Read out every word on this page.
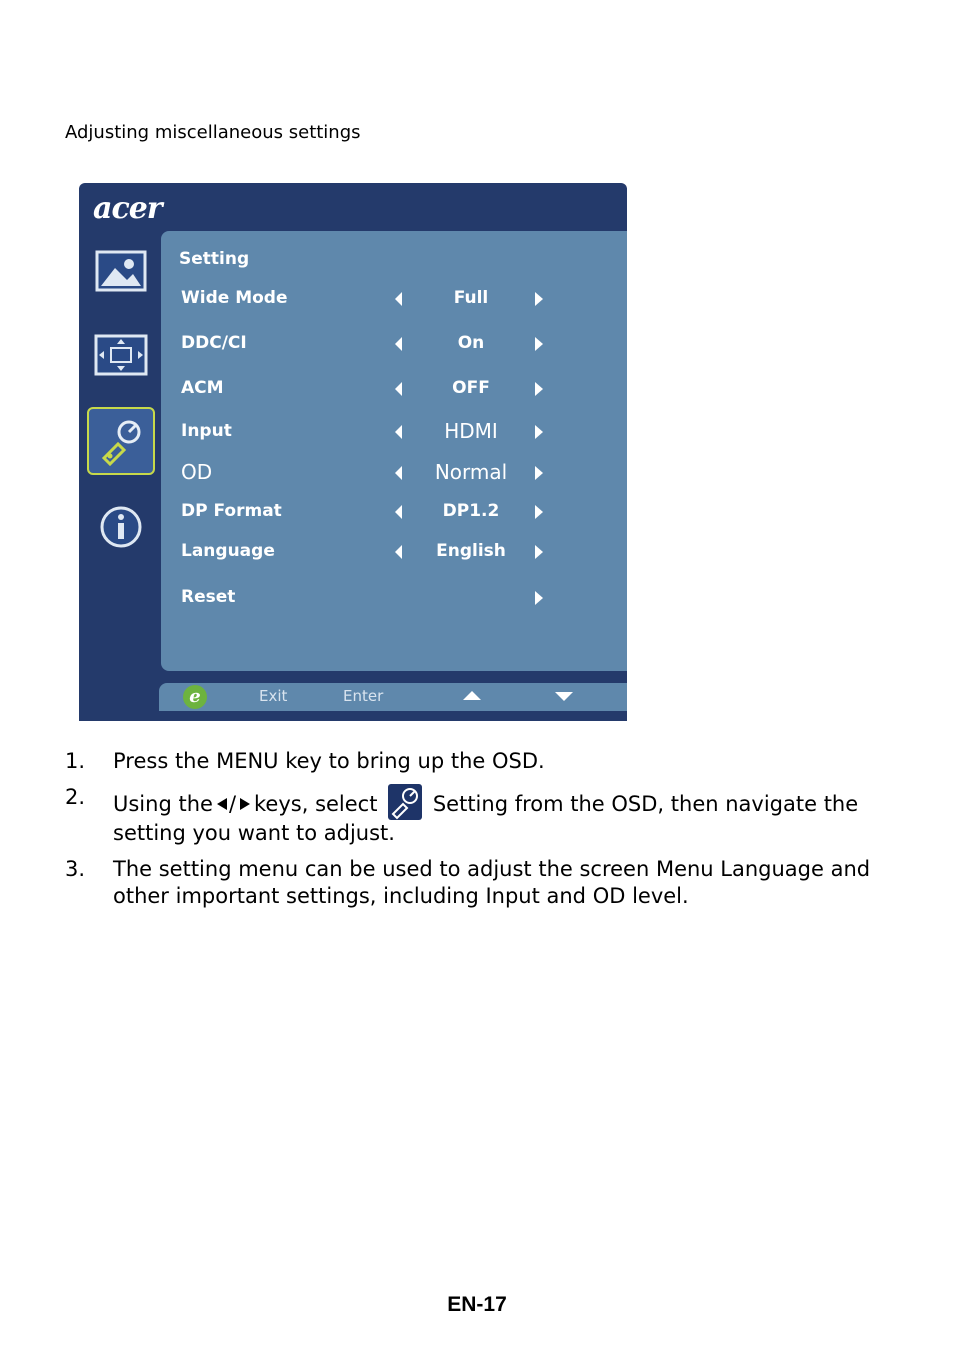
Adjusting miscellaneous settings
acer
Setting
Wide Mode	Full
DDC/CI	On
ACM	OFF
Input	HDMI
OD	Normal
DP Format	DP1.2
Language	English
Reset
e	Exit	Enter
1. Press the MENU key to bring up the OSD.
2. Using the / keys, select	Setting from the OSD, then navigate the setting you want to adjust.
3. The setting menu can be used to adjust the screen Menu Language and other important settings, including Input and OD level.
EN-17
